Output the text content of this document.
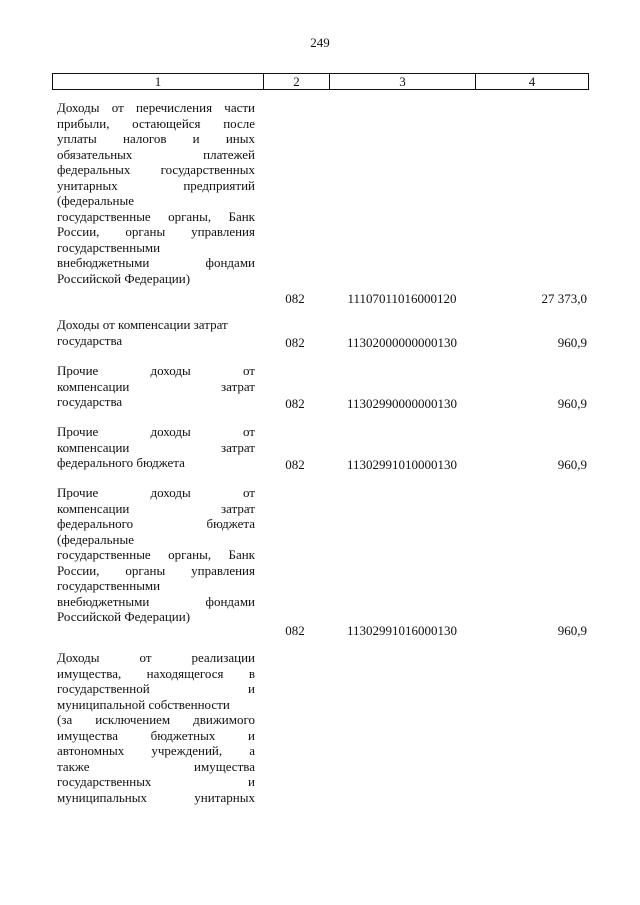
249
1	2	3	4
Доходы от перечисления части
прибыли, остающейся после
уплаты налогов и иных
обязательных платежей
федеральных государственных
унитарных предприятий
(федеральные
государственные органы, Банк
России, органы управления
государственными
внебюджетными фондами
Российской Федерации)
082	11107011016000120	27 373,0
Доходы от компенсации затрат
государства	082	11302000000000130	960,9
Прочие доходы от
компенсации затрат
государства	082	11302990000000130	960,9
Прочие доходы от
компенсации затрат
федерального бюджета	082	11302991010000130	960,9
Прочие доходы от
компенсации затрат
федерального бюджета
(федеральные
государственные органы, Банк
России, органы управления
государственными
внебюджетными фондами
Российской Федерации)
082	11302991016000130	960,9
Доходы от реализации
имущества, находящегося в
государственной и
муниципальной собственности
(за исключением движимого
имущества бюджетных и
автономных учреждений, а
также имущества
государственных и
муниципальных унитарных
